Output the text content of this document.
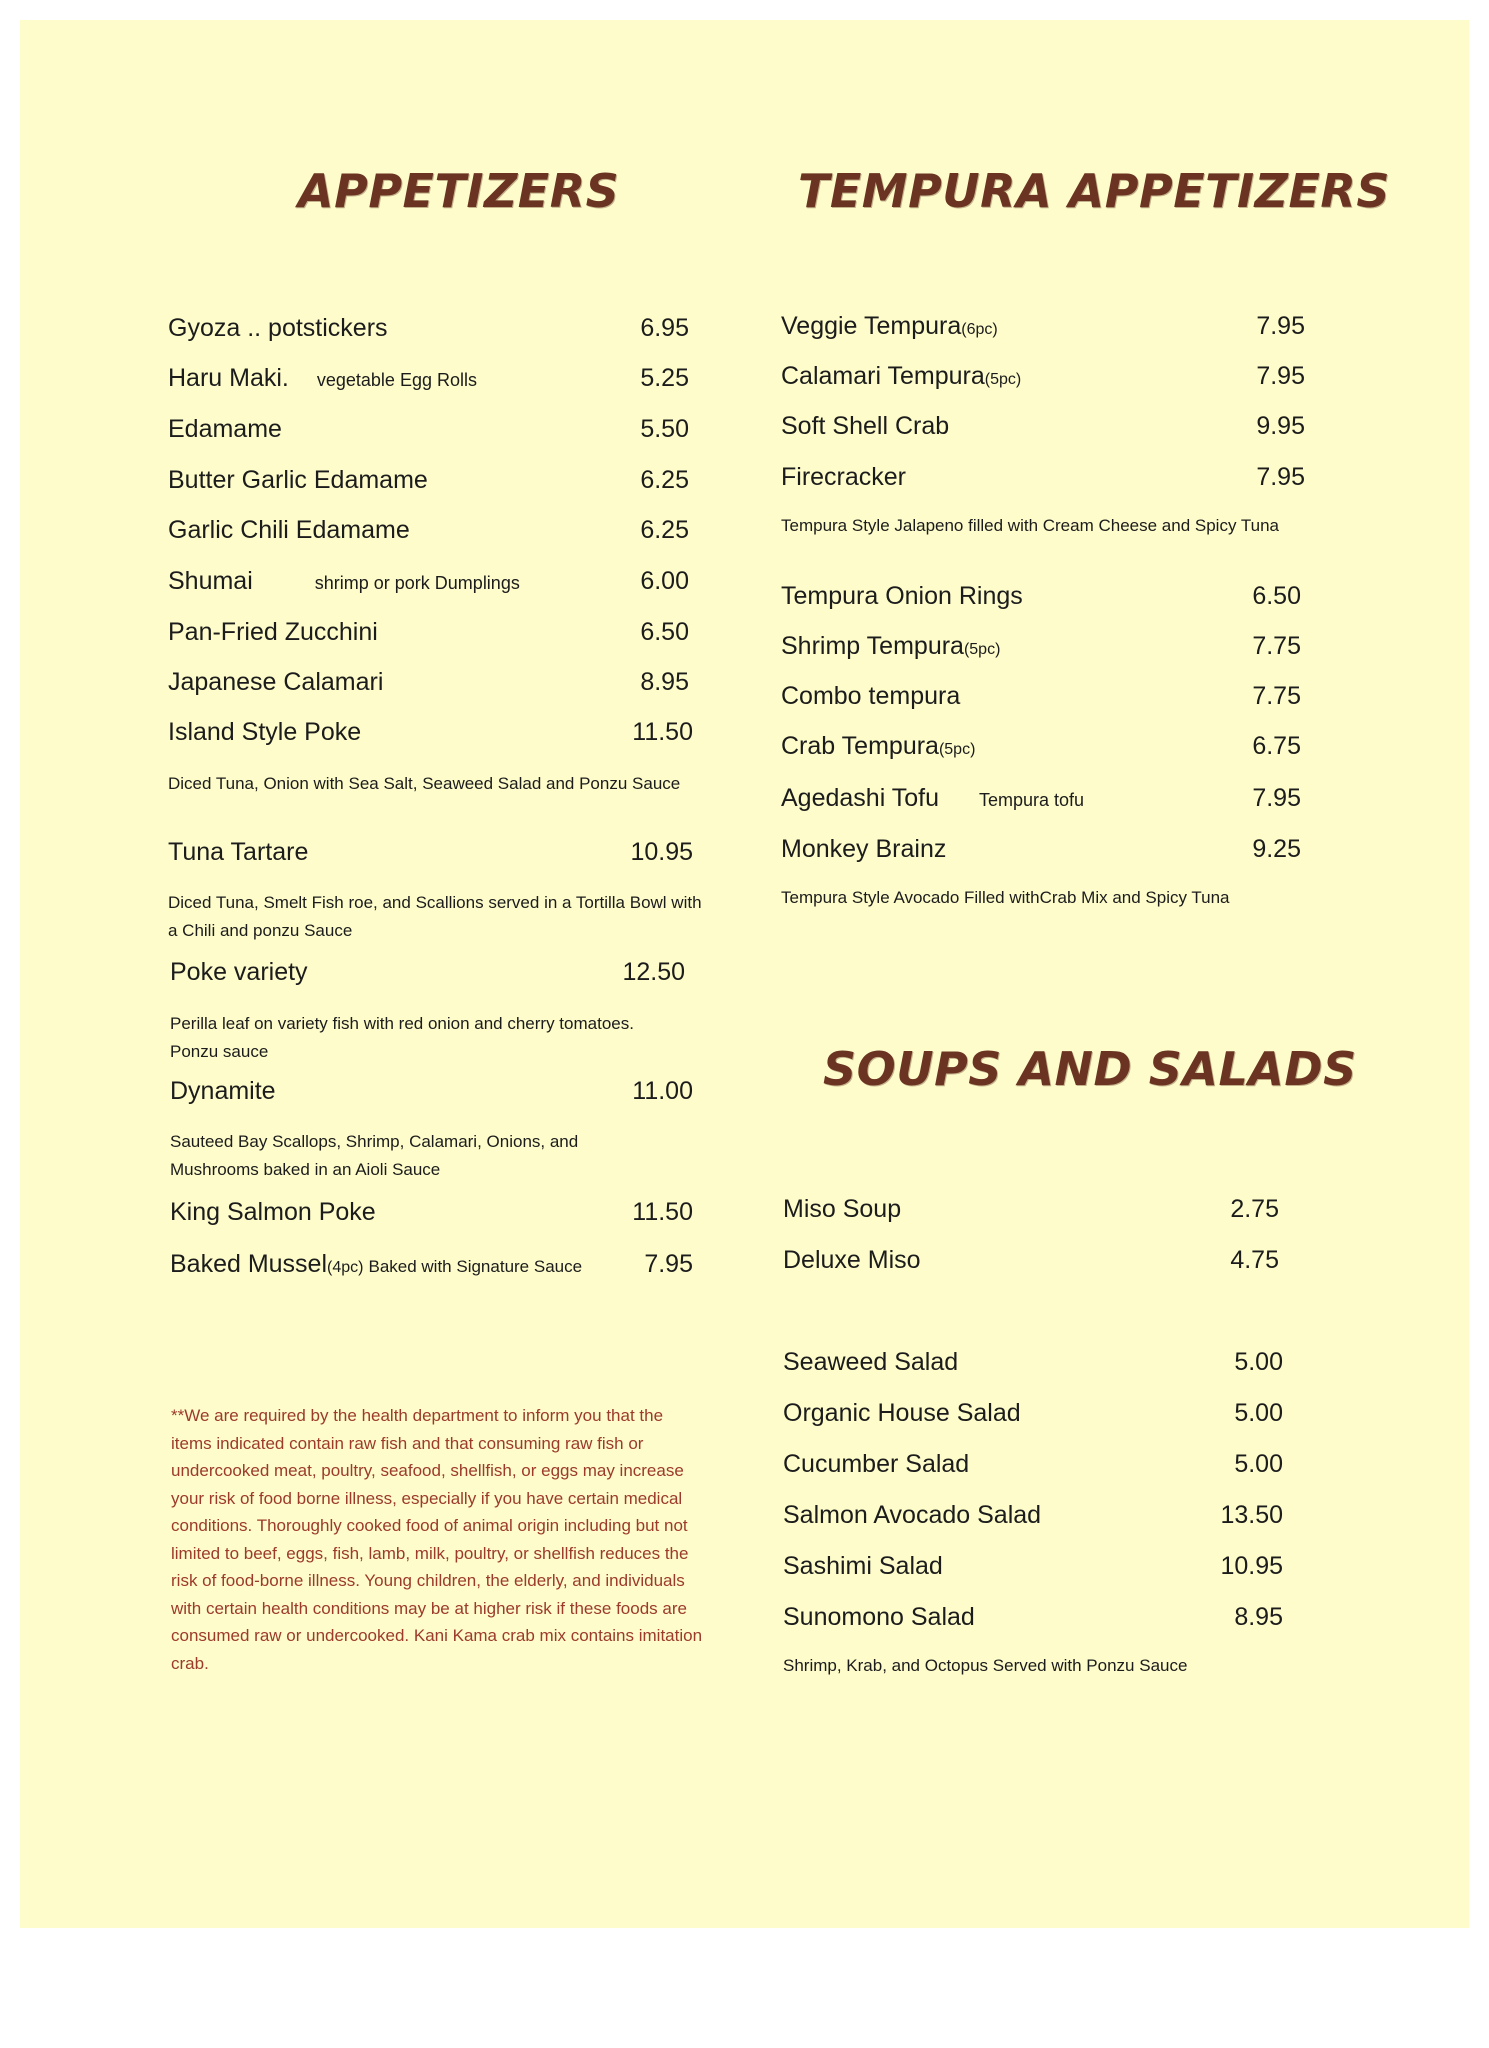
APPETIZERS
Gyoza .. potstickers	6.95
Haru Maki. vegetable Egg Rolls	5.25
Edamame	5.50
Butter Garlic Edamame	6.25
Garlic Chili Edamame	6.25
Shumai	shrimp or pork Dumplings	6.00
Pan-Fried Zucchini	6.50
Japanese Calamari	8.95
Island Style Poke	11.50
Diced Tuna, Onion with Sea Salt, Seaweed Salad and Ponzu Sauce
Tuna Tartare	10.95
Diced Tuna, Smelt Fish roe, and Scallions served in a Tortilla Bowl with a Chili and ponzu Sauce
Poke variety	12.50
Perilla leaf on variety fish with red onion and cherry tomatoes. Ponzu sauce
Dynamite	11.00
Sauteed Bay Scallops, Shrimp, Calamari, Onions, and Mushrooms baked in an Aioli Sauce
King Salmon Poke	11.50
Baked Mussel (4pc) Baked with Signature Sauce 7.95

**We are required by the health department to inform you that the items indicated contain raw fish and that consuming raw fish or undercooked meat, poultry, seafood, shellfish, or eggs may increase your risk of food borne illness, especially if you have certain medical conditions. Thoroughly cooked food of animal origin including but not limited to beef, eggs, fish, lamb, milk, poultry, or shellfish reduces the risk of food-borne illness. Young children, the elderly, and individuals with certain health conditions may be at higher risk if these foods are consumed raw or undercooked. Kani Kama crab mix contains imitation crab.

TEMPURA APPETIZERS
Veggie Tempura (6pc)	7.95
Calamari Tempura (5pc)	7.95
Soft Shell Crab	9.95
Firecracker	7.95
Tempura Style Jalapeno filled with Cream Cheese and Spicy Tuna
Tempura Onion Rings	6.50
Shrimp Tempura (5pc)	7.75
Combo tempura	7.75
Crab Tempura (5pc)	6.75
Agedashi Tofu Tempura tofu	7.95
Monkey Brainz	9.25
Tempura Style Avocado Filled withCrab Mix and Spicy Tuna
SOUPS AND SALADS
Miso Soup	2.75
Deluxe Miso	4.75
Seaweed Salad	5.00
Organic House Salad	5.00
Cucumber Salad	5.00
Salmon Avocado Salad	13.50
Sashimi Salad	10.95
Sunomono Salad	8.95
Shrimp, Krab, and Octopus Served with Ponzu Sauce
